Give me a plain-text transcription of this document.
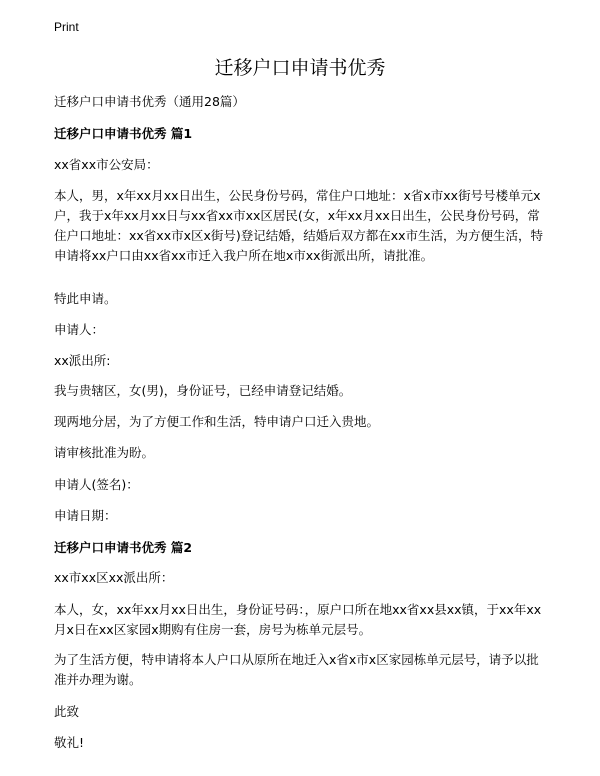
Print
迁移户口申请书优秀
迁移户口申请书优秀（通用28篇）
迁移户口申请书优秀 篇1
xx省xx市公安局：
本人，男，x年xx月xx日出生，公民身份号码，常住户口地址：x省x市xx街号号楼单元x户，我于x年xx月xx日与xx省xx市xx区居民(女，x年xx月xx日出生，公民身份号码，常住户口地址：xx省xx市x区x街号)登记结婚，结婚后双方都在xx市生活，为方便生活，特申请将xx户口由xx省xx市迁入我户所在地x市xx街派出所，请批准。
特此申请。
申请人：
xx派出所:
我与贵辖区，女(男)，身份证号，已经申请登记结婚。
现两地分居，为了方便工作和生活，特申请户口迁入贵地。
请审核批准为盼。
申请人(签名)：
申请日期：
迁移户口申请书优秀 篇2
xx市xx区xx派出所：
本人，女，xx年xx月xx日出生，身份证号码：，原户口所在地xx省xx县xx镇，于xx年xx月x日在xx区家园x期购有住房一套，房号为栋单元层号。
为了生活方便，特申请将本人户口从原所在地迁入x省x市x区家园栋单元层号，请予以批准并办理为谢。
此致
敬礼!
